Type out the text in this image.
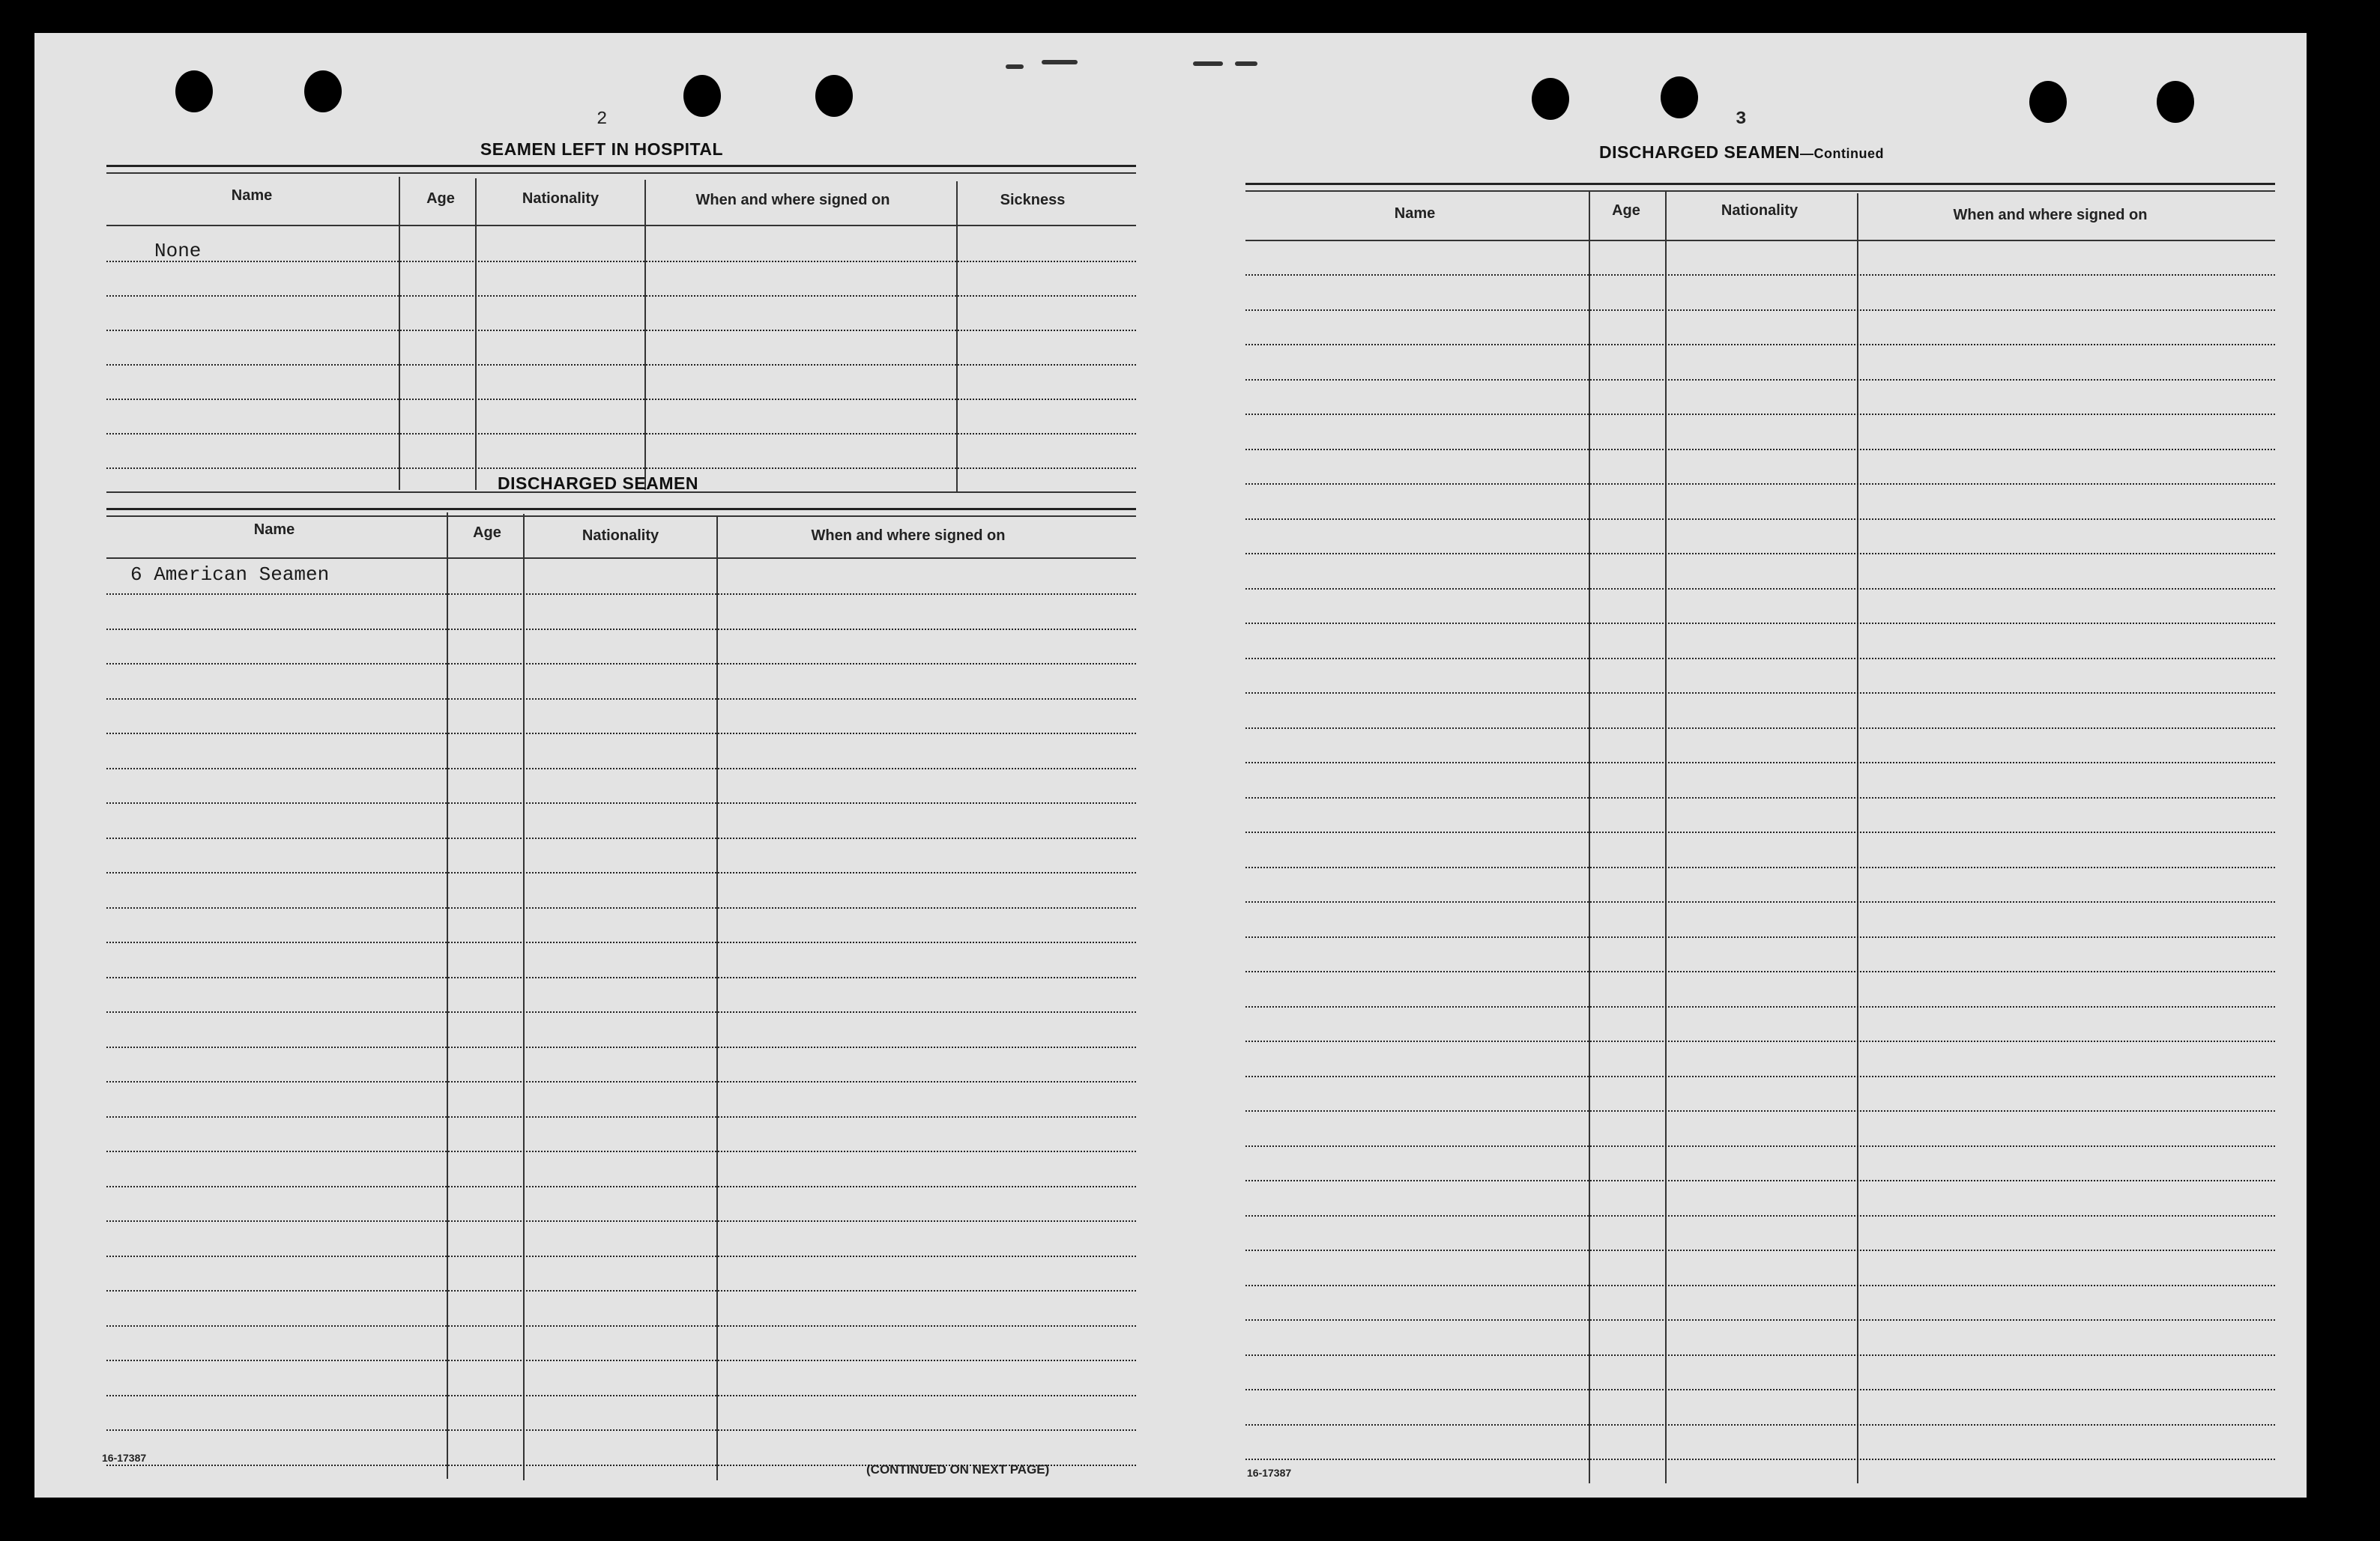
2
SEAMEN LEFT IN HOSPITAL
Name	Age	Nationality	When and where signed on	Sickness
None
DISCHARGED SEAMEN
Name	Age	Nationality	When and where signed on
6 American Seamen
16-17387
(CONTINUED ON NEXT PAGE)
3
DISCHARGED SEAMEN—Continued
Name	Age	Nationality	When and where signed on
16-17387
